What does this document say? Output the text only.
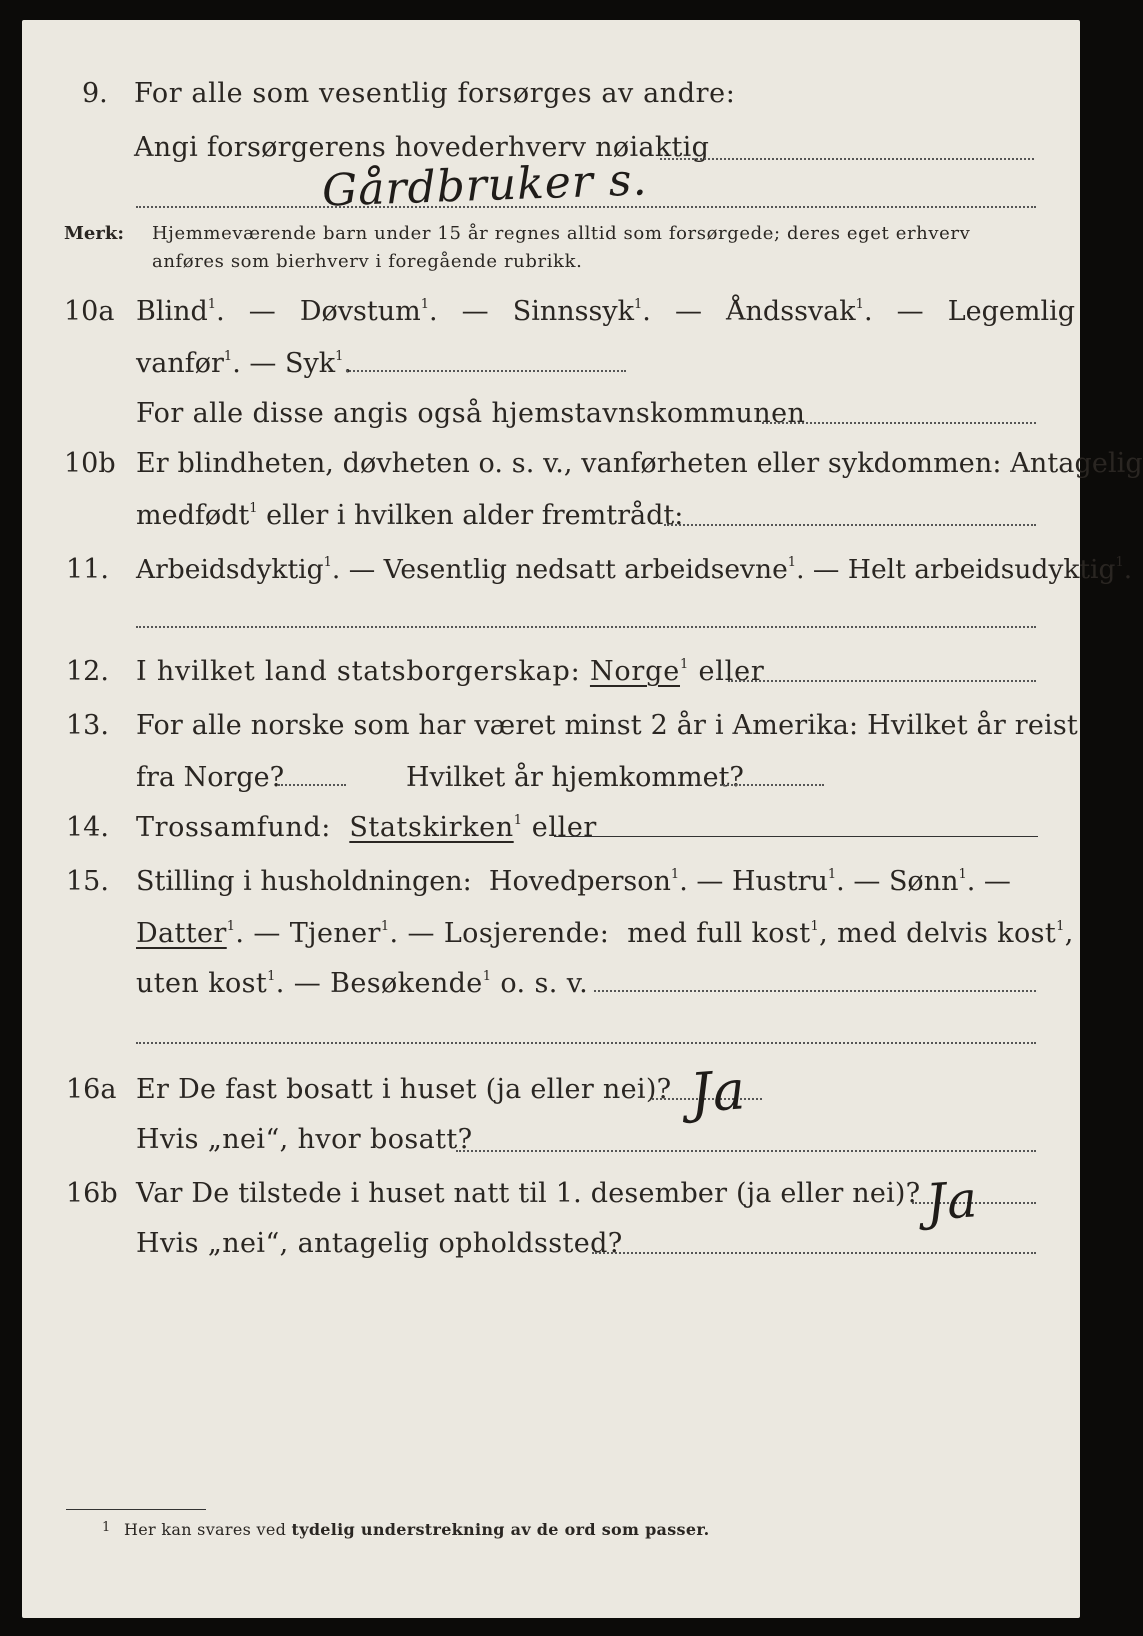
9. For alle som vesentlig forsørges av andre:
Angi forsørgerens hovederhverv nøiaktig
Gårdbruker s.
Merk: Hjemmeværende barn under 15 år regnes alltid som forsørgede; deres eget erhverv
anføres som bierhverv i foregående rubrikk.
10a Blind$^1$. — Døvstum$^1$. — Sinnssyk$^1$. — Åndssvak$^1$. — Legemlig
vanfør$^1$. — Syk$^1$.
For alle disse angis også hjemstavnskommunen
10b Er blindheten, døvheten o. s. v., vanførheten eller sykdommen: Antagelig
medfødt$^1$ eller i hvilken alder fremtrådt:
11. Arbeidsdyktig$^1$. — Vesentlig nedsatt arbeidsevne$^1$. — Helt arbeidsudyktig$^1$.
12. I hvilket land statsborgerskap: Norge$^1$ eller
13. For alle norske som har været minst 2 år i Amerika: Hvilket år reist
fra Norge?	Hvilket år hjemkommet?
14. Trossamfund: Statskirken$^1$ eller
15. Stilling i husholdningen: Hovedperson$^1$. — Hustru$^1$. — Sønn$^1$. —
Datter$^1$. — Tjener$^1$. — Losjerende: med full kost$^1$, med delvis kost$^1$,
uten kost$^1$. — Besøkende$^1$ o. s. v.
16a Er De fast bosatt i huset (ja eller nei)? Ja
Hvis „nei“, hvor bosatt?
16b Var De tilstede i huset natt til 1. desember (ja eller nei)? Ja
Hvis „nei“, antagelig opholdssted?
1 Her kan svares ved tydelig understrekning av de ord som passer.
